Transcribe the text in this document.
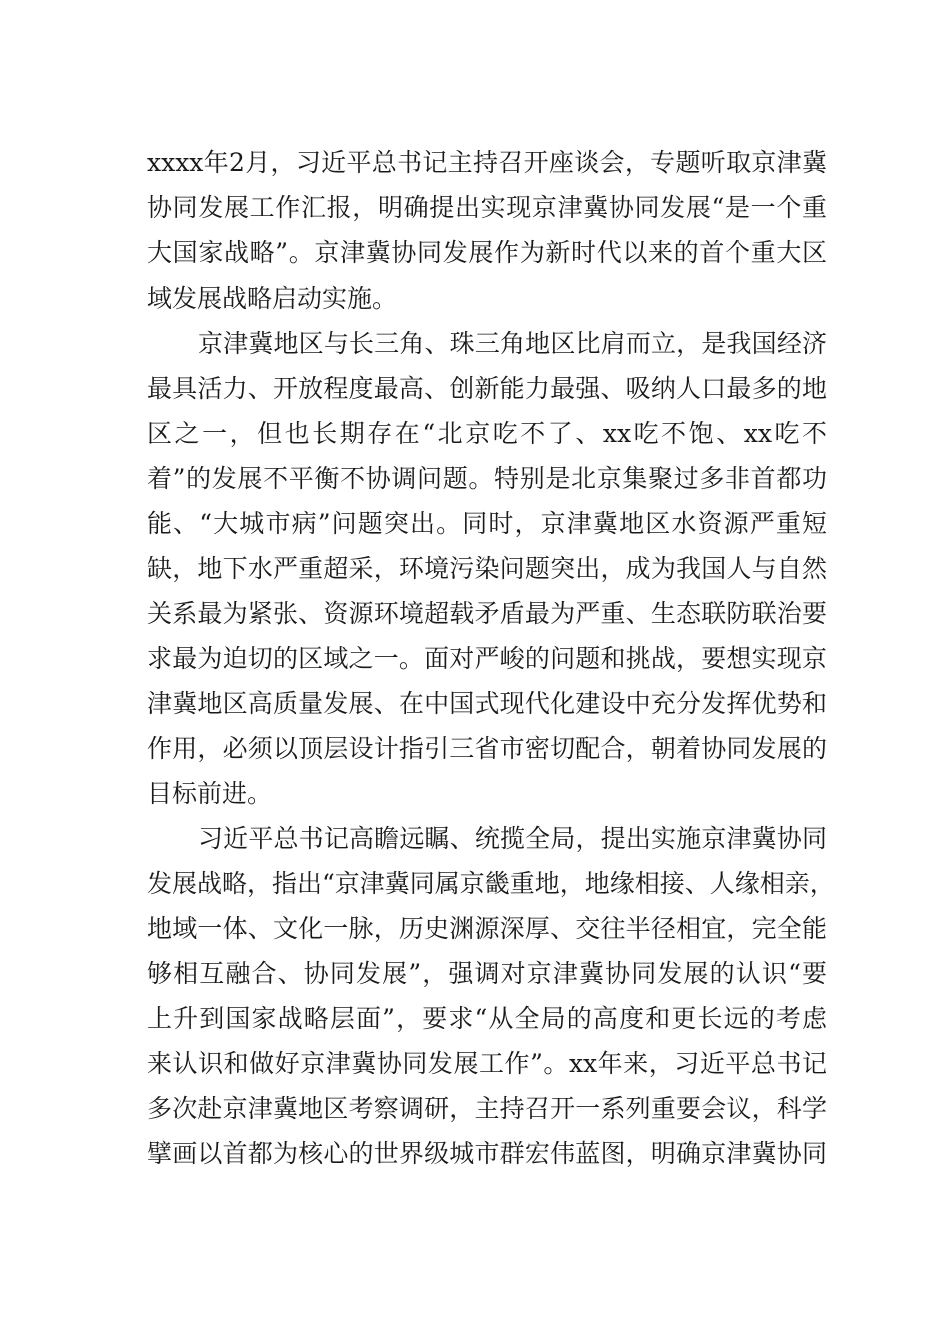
xxxx年2月，习近平总书记主持召开座谈会，专题听取京津冀
协同发展工作汇报，明确提出实现京津冀协同发展“是一个重
大国家战略”。京津冀协同发展作为新时代以来的首个重大区
域发展战略启动实施。
京津冀地区与长三角、珠三角地区比肩而立，是我国经济
最具活力、开放程度最高、创新能力最强、吸纳人口最多的地
区之一，但也长期存在“北京吃不了、xx吃不饱、xx吃不
着”的发展不平衡不协调问题。特别是北京集聚过多非首都功
能、“大城市病”问题突出。同时，京津冀地区水资源严重短
缺，地下水严重超采，环境污染问题突出，成为我国人与自然
关系最为紧张、资源环境超载矛盾最为严重、生态联防联治要
求最为迫切的区域之一。面对严峻的问题和挑战，要想实现京
津冀地区高质量发展、在中国式现代化建设中充分发挥优势和
作用，必须以顶层设计指引三省市密切配合，朝着协同发展的
目标前进。
习近平总书记高瞻远瞩、统揽全局，提出实施京津冀协同
发展战略，指出“京津冀同属京畿重地，地缘相接、人缘相亲，
地域一体、文化一脉，历史渊源深厚、交往半径相宜，完全能
够相互融合、协同发展”，强调对京津冀协同发展的认识“要
上升到国家战略层面”，要求“从全局的高度和更长远的考虑
来认识和做好京津冀协同发展工作”。xx年来，习近平总书记
多次赴京津冀地区考察调研，主持召开一系列重要会议，科学
擘画以首都为核心的世界级城市群宏伟蓝图，明确京津冀协同
